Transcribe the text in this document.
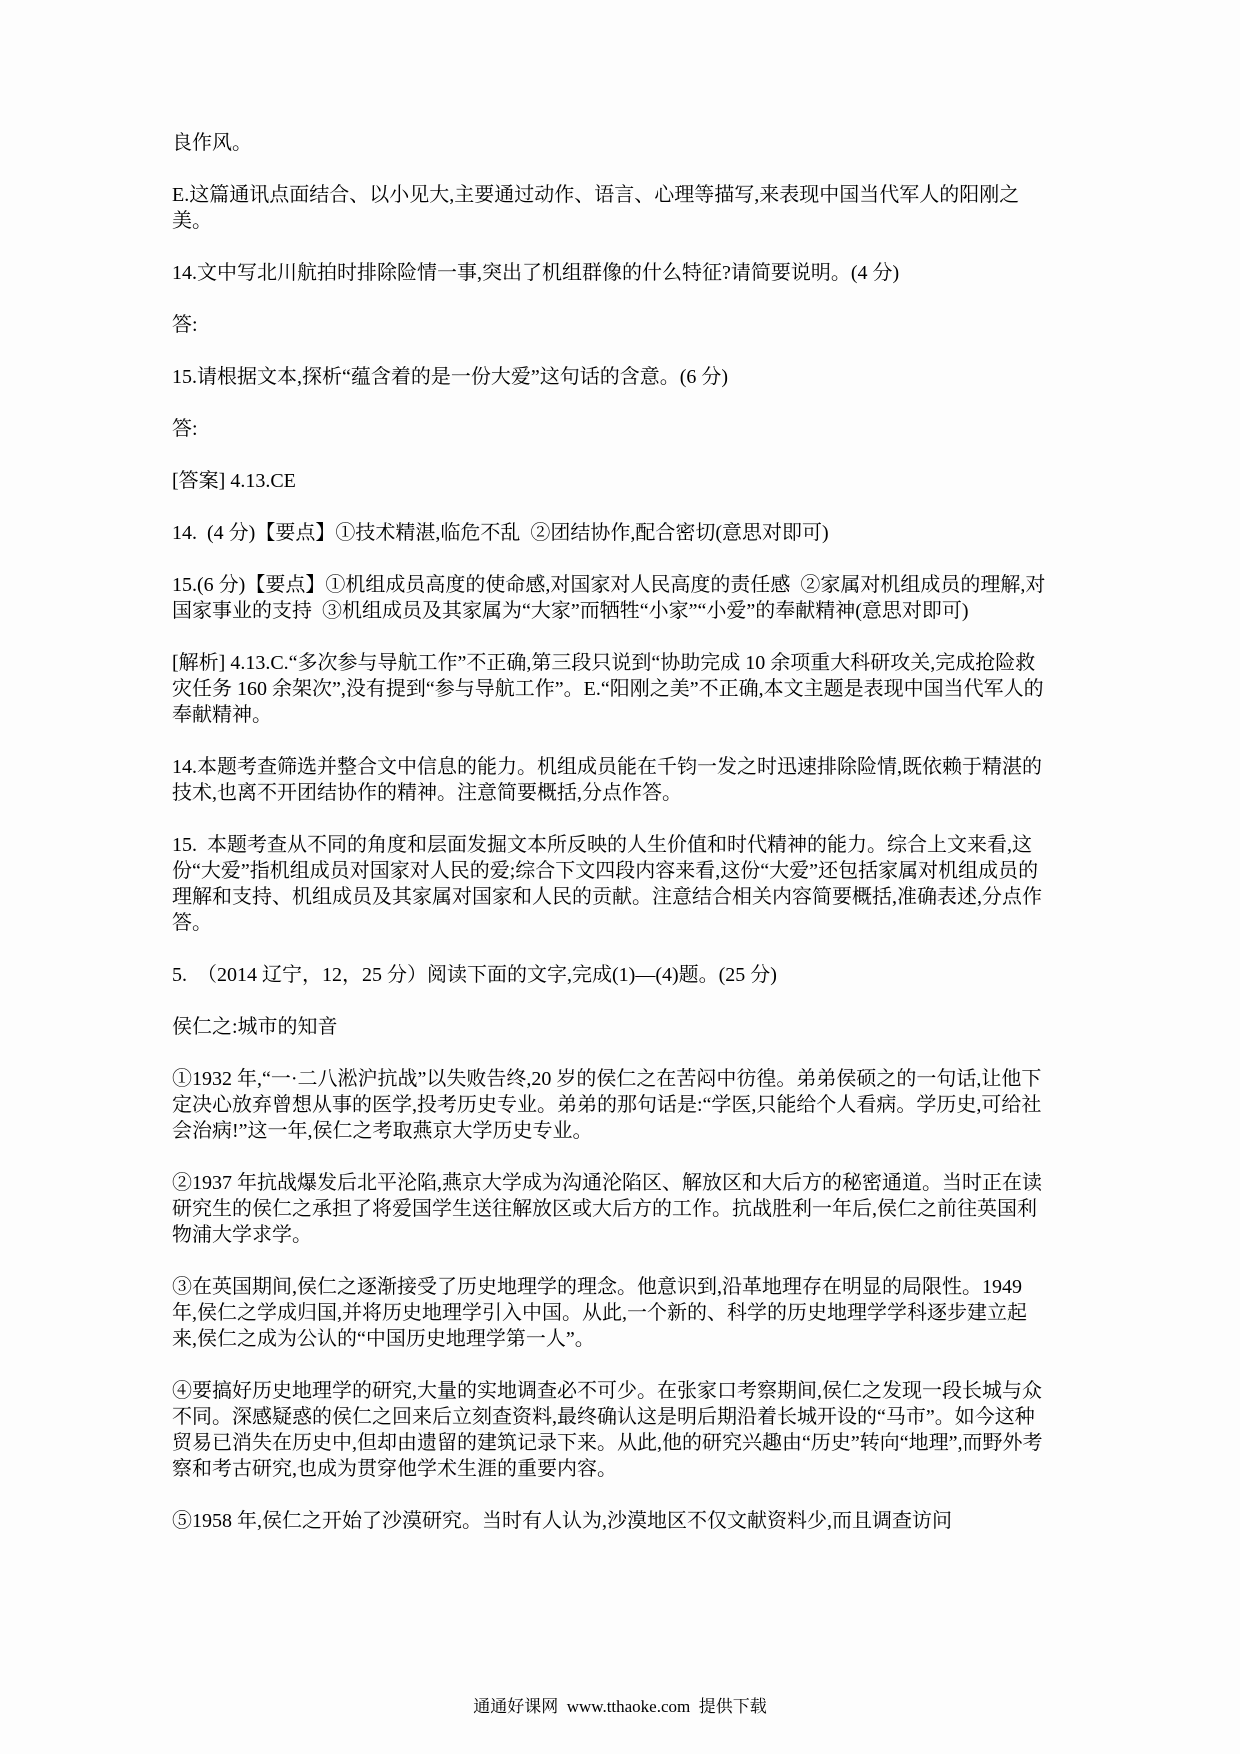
良作风。

E.这篇通讯点面结合、以小见大,主要通过动作、语言、心理等描写,来表现中国当代军人的阳刚之美。

14.文中写北川航拍时排除险情一事,突出了机组群像的什么特征?请简要说明。(4 分)

答:

15.请根据文本,探析“蕴含着的是一份大爱”这句话的含意。(6 分)

答:

[答案] 4.13.CE

14.  (4 分)【要点】①技术精湛,临危不乱  ②团结协作,配合密切(意思对即可)

15.(6 分)【要点】①机组成员高度的使命感,对国家对人民高度的责任感  ②家属对机组成员的理解,对国家事业的支持  ③机组成员及其家属为“大家”而牺牲“小家”“小爱”的奉献精神(意思对即可)

[解析] 4.13.C.“多次参与导航工作”不正确,第三段只说到“协助完成 10 余项重大科研攻关,完成抢险救灾任务 160 余架次”,没有提到“参与导航工作”。E.“阳刚之美”不正确,本文主题是表现中国当代军人的奉献精神。

14.本题考查筛选并整合文中信息的能力。机组成员能在千钧一发之时迅速排除险情,既依赖于精湛的技术,也离不开团结协作的精神。注意简要概括,分点作答。

15.  本题考查从不同的角度和层面发掘文本所反映的人生价值和时代精神的能力。综合上文来看,这份“大爱”指机组成员对国家对人民的爱;综合下文四段内容来看,这份“大爱”还包括家属对机组成员的理解和支持、机组成员及其家属对国家和人民的贡献。注意结合相关内容简要概括,准确表述,分点作答。

5.  （2014 辽宁，12，25 分）阅读下面的文字,完成(1)—(4)题。(25 分)

侯仁之:城市的知音

①1932 年,“一·二八淞沪抗战”以失败告终,20 岁的侯仁之在苦闷中彷徨。弟弟侯硕之的一句话,让他下定决心放弃曾想从事的医学,投考历史专业。弟弟的那句话是:“学医,只能给个人看病。学历史,可给社会治病!”这一年,侯仁之考取燕京大学历史专业。

②1937 年抗战爆发后北平沦陷,燕京大学成为沟通沦陷区、解放区和大后方的秘密通道。当时正在读研究生的侯仁之承担了将爱国学生送往解放区或大后方的工作。抗战胜利一年后,侯仁之前往英国利物浦大学求学。

③在英国期间,侯仁之逐渐接受了历史地理学的理念。他意识到,沿革地理存在明显的局限性。1949 年,侯仁之学成归国,并将历史地理学引入中国。从此,一个新的、科学的历史地理学学科逐步建立起来,侯仁之成为公认的“中国历史地理学第一人”。

④要搞好历史地理学的研究,大量的实地调查必不可少。在张家口考察期间,侯仁之发现一段长城与众不同。深感疑惑的侯仁之回来后立刻查资料,最终确认这是明后期沿着长城开设的“马市”。如今这种贸易已消失在历史中,但却由遗留的建筑记录下来。从此,他的研究兴趣由“历史”转向“地理”,而野外考察和考古研究,也成为贯穿他学术生涯的重要内容。

⑤1958 年,侯仁之开始了沙漠研究。当时有人认为,沙漠地区不仅文献资料少,而且调查访问

通通好课网  www.tthaoke.com  提供下载
